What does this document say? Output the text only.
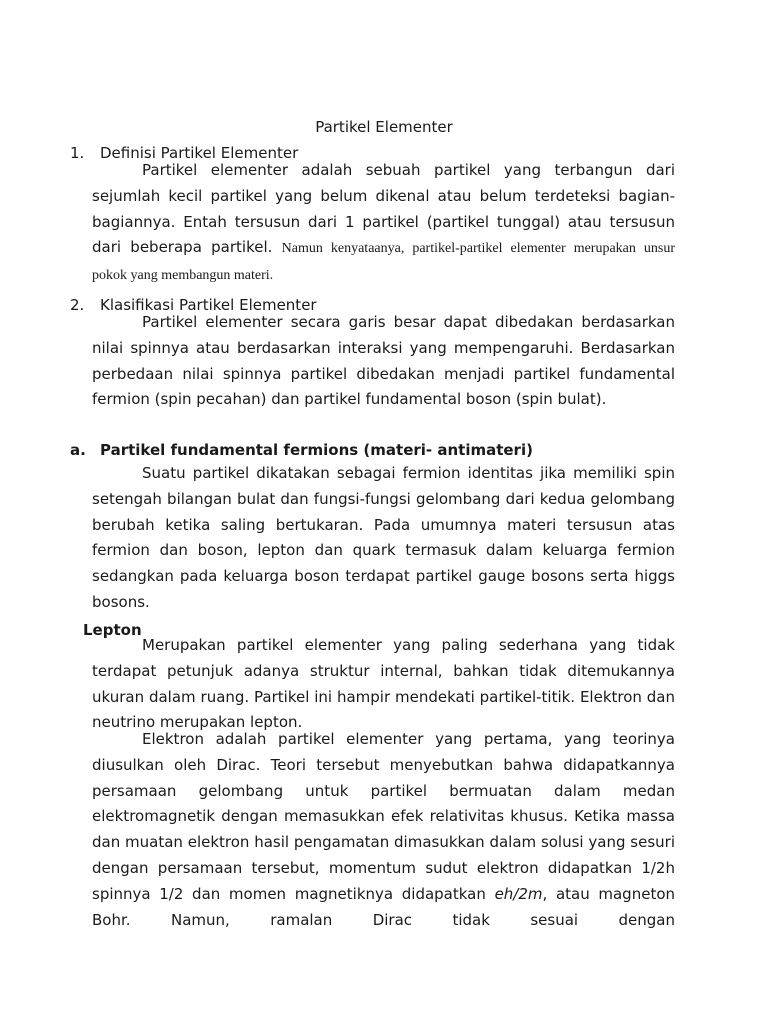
Partikel Elementer
1. Definisi Partikel Elementer
Partikel elementer adalah sebuah partikel yang terbangun dari sejumlah kecil partikel yang belum dikenal atau belum terdeteksi bagian-bagiannya. Entah tersusun dari 1 partikel (partikel tunggal) atau tersusun dari beberapa partikel. Namun kenyataanya, partikel-partikel elementer merupakan unsur pokok yang membangun materi.
2. Klasifikasi Partikel Elementer
Partikel elementer secara garis besar dapat dibedakan berdasarkan nilai spinnya atau berdasarkan interaksi yang mempengaruhi. Berdasarkan perbedaan nilai spinnya partikel dibedakan menjadi partikel fundamental fermion (spin pecahan) dan partikel fundamental boson (spin bulat).
a. Partikel fundamental fermions (materi- antimateri)
Suatu partikel dikatakan sebagai fermion identitas jika memiliki spin setengah bilangan bulat dan fungsi-fungsi gelombang dari kedua gelombang berubah ketika saling bertukaran. Pada umumnya materi tersusun atas fermion dan boson, lepton dan quark termasuk dalam keluarga fermion sedangkan pada keluarga boson terdapat partikel gauge bosons serta higgs bosons.
Lepton
Merupakan partikel elementer yang paling sederhana yang tidak terdapat petunjuk adanya struktur internal, bahkan tidak ditemukannya ukuran dalam ruang. Partikel ini hampir mendekati partikel-titik. Elektron dan neutrino merupakan lepton.
Elektron adalah partikel elementer yang pertama, yang teorinya diusulkan oleh Dirac. Teori tersebut menyebutkan bahwa didapatkannya persamaan gelombang untuk partikel bermuatan dalam medan elektromagnetik dengan memasukkan efek relativitas khusus. Ketika massa dan muatan elektron hasil pengamatan dimasukkan dalam solusi yang sesuri dengan persamaan tersebut, momentum sudut elektron didapatkan 1/2h spinnya 1/2 dan momen magnetiknya didapatkan eh/2m, atau magneton Bohr. Namun, ramalan Dirac tidak sesuai dengan
